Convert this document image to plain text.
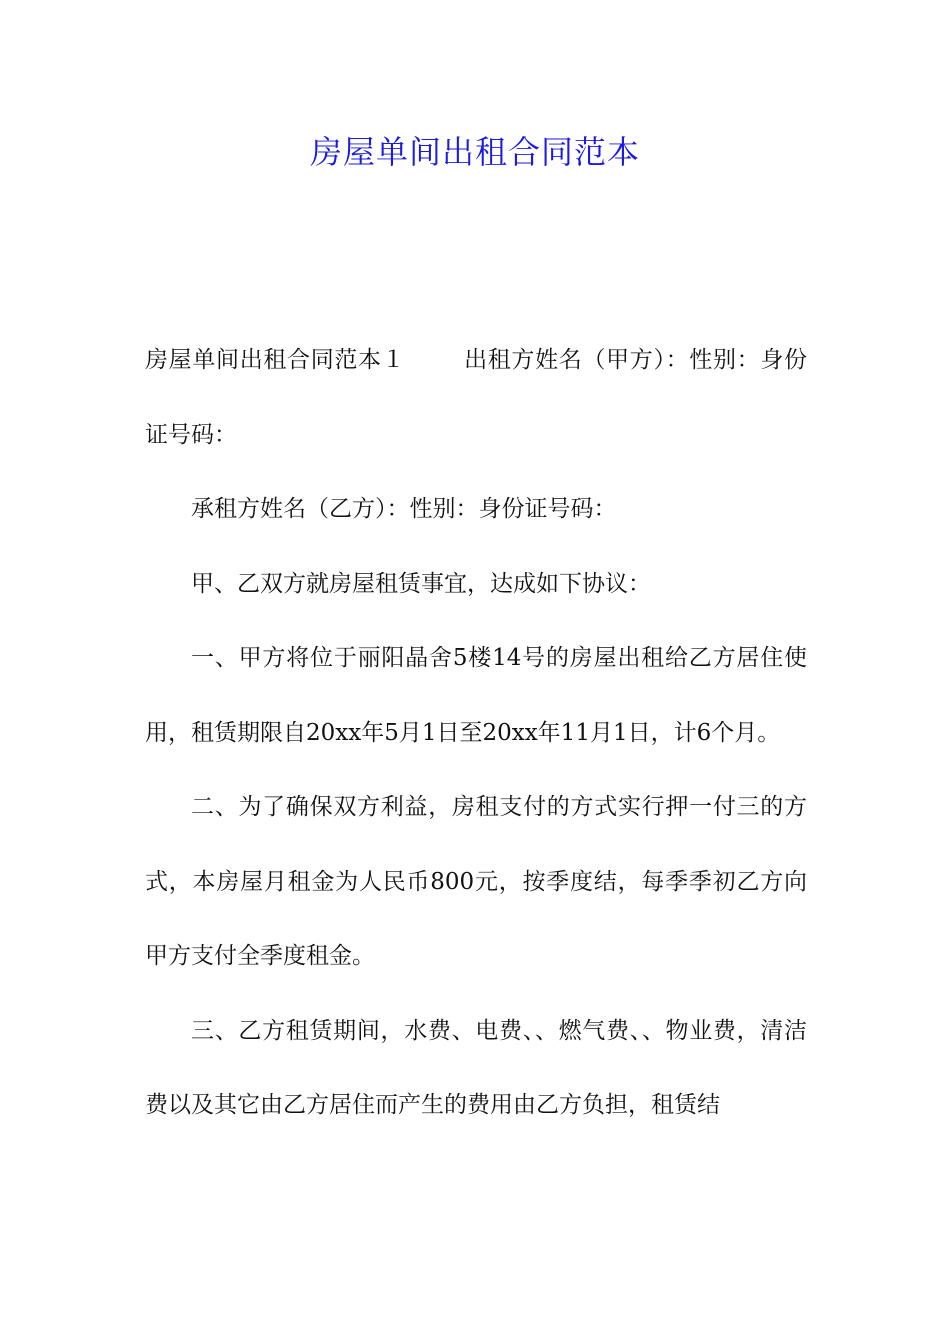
房屋单间出租合同范本

房屋单间出租合同范本１	出租方姓名（甲方）：性别：身份证号码：

承租方姓名（乙方）：性别：身份证号码：

甲、乙双方就房屋租赁事宜，达成如下协议：

一、甲方将位于丽阳晶舍5楼14号的房屋出租给乙方居住使用，租赁期限自20xx年5月1日至20xx年11月1日，计6个月。

二、为了确保双方利益，房租支付的方式实行押一付三的方式，本房屋月租金为人民币800元，按季度结，每季季初乙方向甲方支付全季度租金。

三、乙方租赁期间，水费、电费、、燃气费、、物业费，清洁费以及其它由乙方居住而产生的费用由乙方负担，租赁结
